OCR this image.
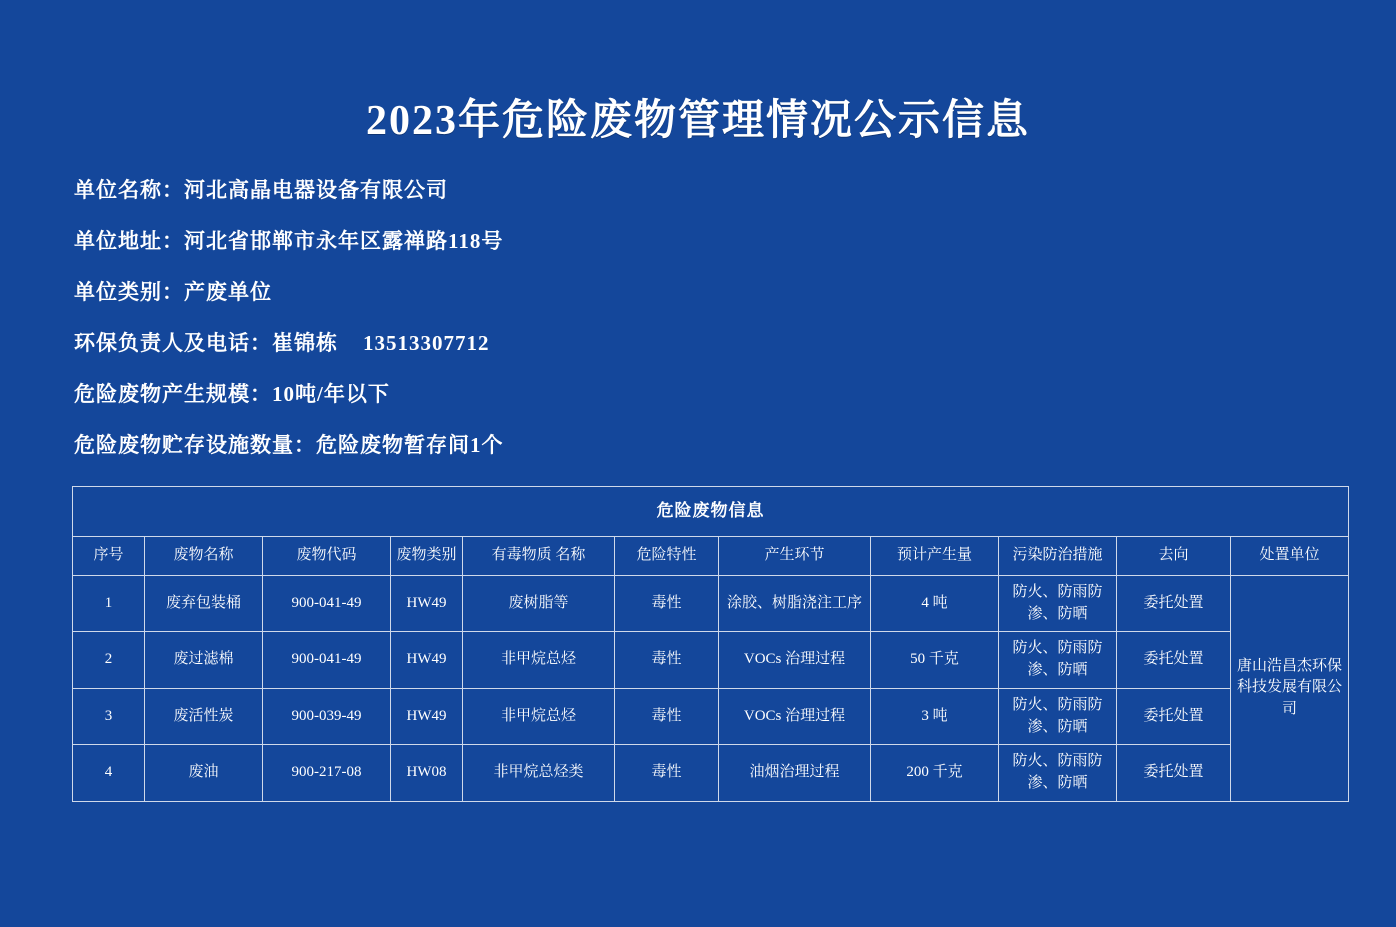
2023年危险废物管理情况公示信息
单位名称：河北高晶电器设备有限公司
单位地址：河北省邯郸市永年区露禅路118号
单位类别：产废单位
环保负责人及电话：崔锦栋    13513307712
危险废物产生规模：10吨/年以下
危险废物贮存设施数量：危险废物暂存间1个
危险废物信息										
序号	废物名称	废物代码	废物类别	有毒物质 名称	危险特性	产生环节	预计产生量	污染防治措施	去向	处置单位
1	废弃包装桶	900-041-49	HW49	废树脂等	毒性	涂胶、树脂浇注工序	4 吨	防火、防雨防渗、防晒	委托处置	唐山浩昌杰环保科技发展有限公司
2	废过滤棉	900-041-49	HW49	非甲烷总烃	毒性	VOCs 治理过程	50 千克	防火、防雨防渗、防晒	委托处置	
3	废活性炭	900-039-49	HW49	非甲烷总烃	毒性	VOCs 治理过程	3 吨	防火、防雨防渗、防晒	委托处置	
4	废油	900-217-08	HW08	非甲烷总烃类	毒性	油烟治理过程	200 千克	防火、防雨防渗、防晒	委托处置	
